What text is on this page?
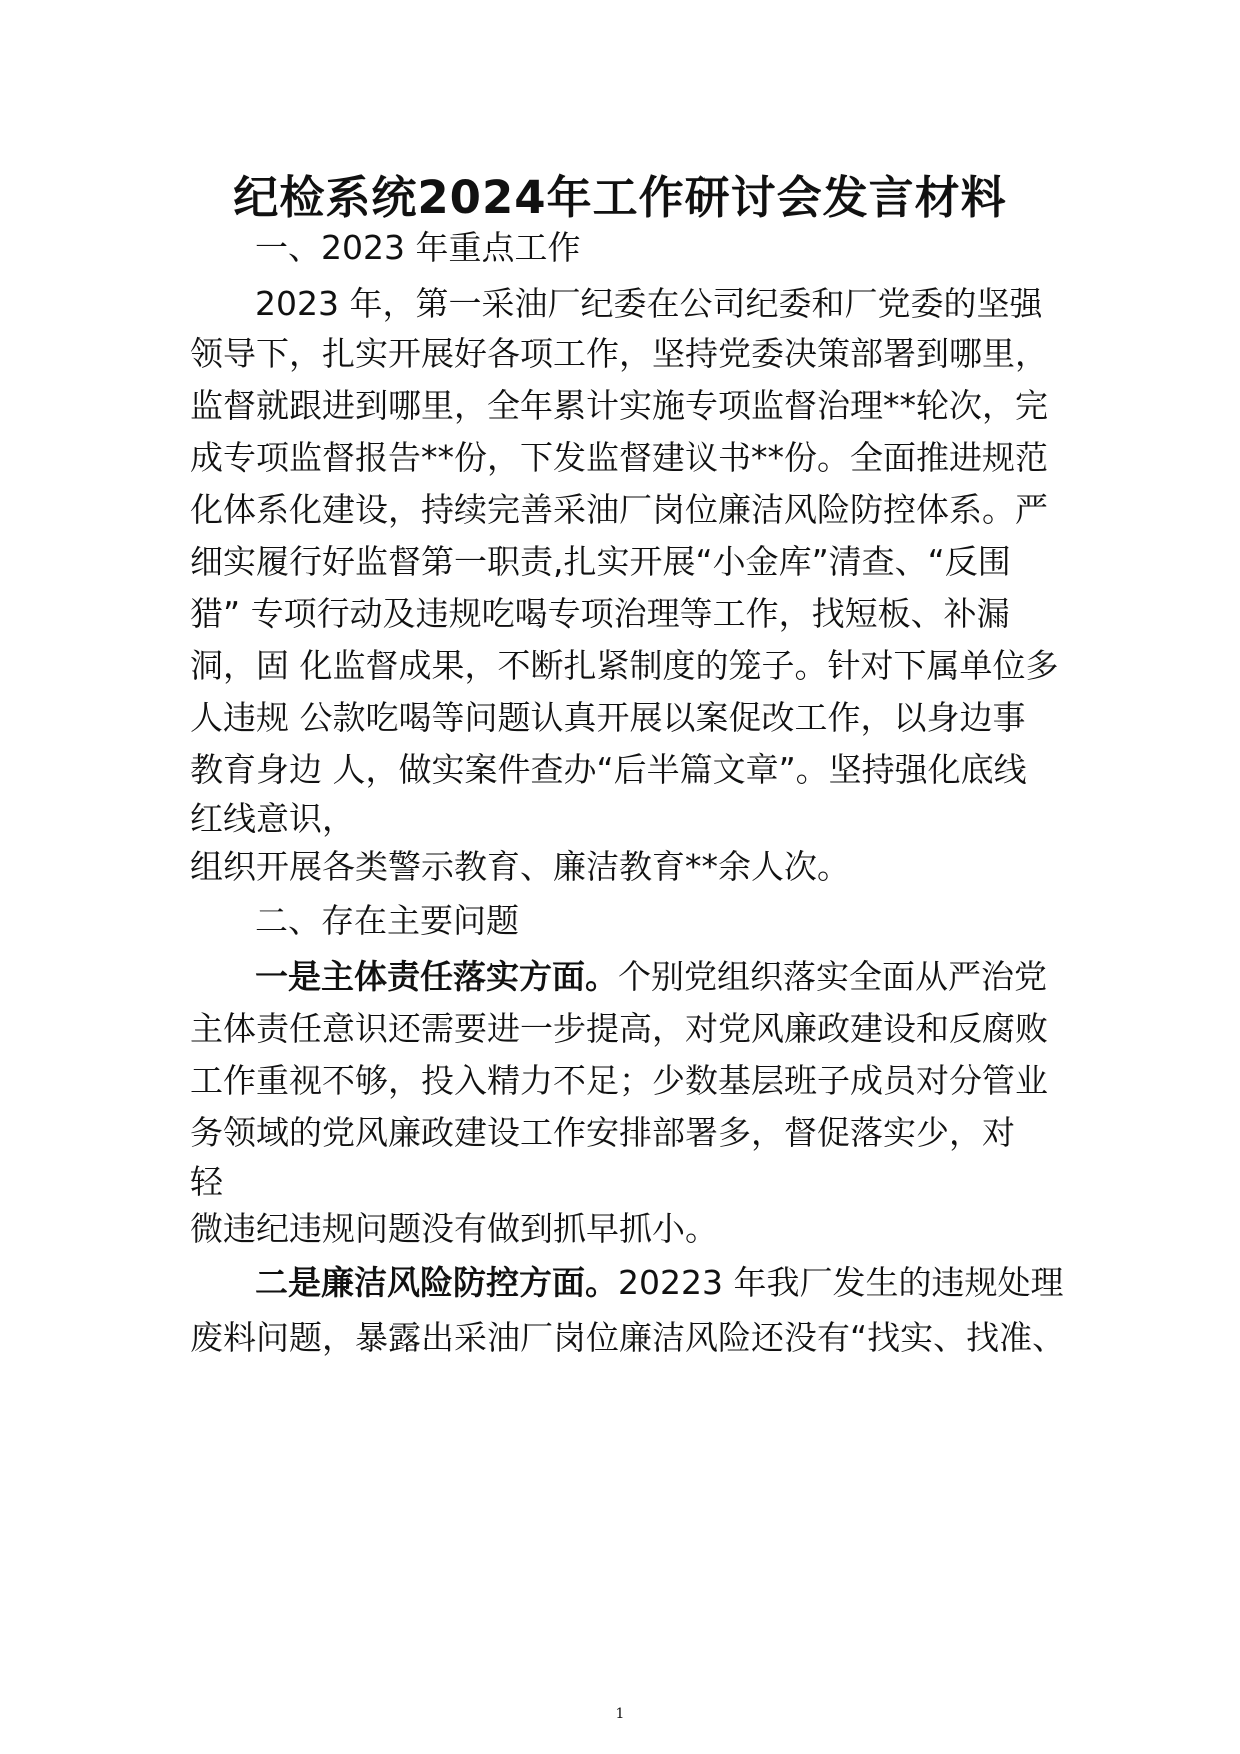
纪检系统2024年工作研讨会发言材料
一、2023 年重点工作
2023 年，第一采油厂纪委在公司纪委和厂党委的坚强
领导下，扎实开展好各项工作，坚持党委决策部署到哪里，
监督就跟进到哪里，全年累计实施专项监督治理**轮次，完
成专项监督报告**份，下发监督建议书**份。全面推进规范
化体系化建设，持续完善采油厂岗位廉洁风险防控体系。严
细实履行好监督第一职责,扎实开展“小金库”清查、“反围
猎” 专项行动及违规吃喝专项治理等工作，找短板、补漏
洞，固 化监督成果，不断扎紧制度的笼子。针对下属单位多
人违规 公款吃喝等问题认真开展以案促改工作，以身边事
教育身边 人，做实案件查办“后半篇文章”。坚持强化底线
红线意识，
组织开展各类警示教育、廉洁教育**余人次。
二、存在主要问题
一是主体责任落实方面。个别党组织落实全面从严治党
主体责任意识还需要进一步提高，对党风廉政建设和反腐败
工作重视不够，投入精力不足；少数基层班子成员对分管业
务领域的党风廉政建设工作安排部署多，督促落实少，对
轻
微违纪违规问题没有做到抓早抓小。
二是廉洁风险防控方面。20223 年我厂发生的违规处理
废料问题，暴露出采油厂岗位廉洁风险还没有“找实、找准、
1
